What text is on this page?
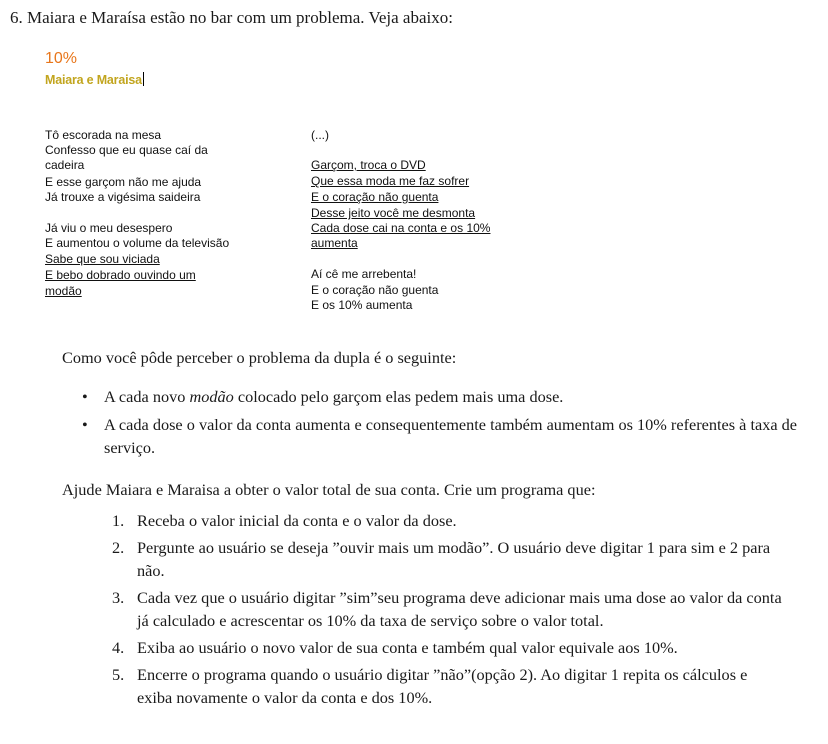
6. Maiara e Maraísa estão no bar com um problema. Veja abaixo:
10%
Maiara e Maraisa
Tô escorada na mesa
Confesso que eu quase caí da
cadeira
E esse garçom não me ajuda
Já trouxe a vigésima saideira
Já viu o meu desespero
E aumentou o volume da televisão
Sabe que sou viciada
E bebo dobrado ouvindo um
modão
(...)
Garçom, troca o DVD
Que essa moda me faz sofrer
E o coração não guenta
Desse jeito você me desmonta
Cada dose cai na conta e os 10%
aumenta
Aí cê me arrebenta!
E o coração não guenta
E os 10% aumenta
Como você pôde perceber o problema da dupla é o seguinte:
• A cada novo modão colocado pelo garçom elas pedem mais uma dose.
• A cada dose o valor da conta aumenta e consequentemente também aumentam os 10% referentes à taxa de serviço.
Ajude Maiara e Maraisa a obter o valor total de sua conta. Crie um programa que:
1. Receba o valor inicial da conta e o valor da dose.
2. Pergunte ao usuário se deseja ”ouvir mais um modão”. O usuário deve digitar 1 para sim e 2 para não.
3. Cada vez que o usuário digitar ”sim”seu programa deve adicionar mais uma dose ao valor da conta já calculado e acrescentar os 10% da taxa de serviço sobre o valor total.
4. Exiba ao usuário o novo valor de sua conta e também qual valor equivale aos 10%.
5. Encerre o programa quando o usuário digitar ”não”(opção 2). Ao digitar 1 repita os cálculos e exiba novamente o valor da conta e dos 10%.
